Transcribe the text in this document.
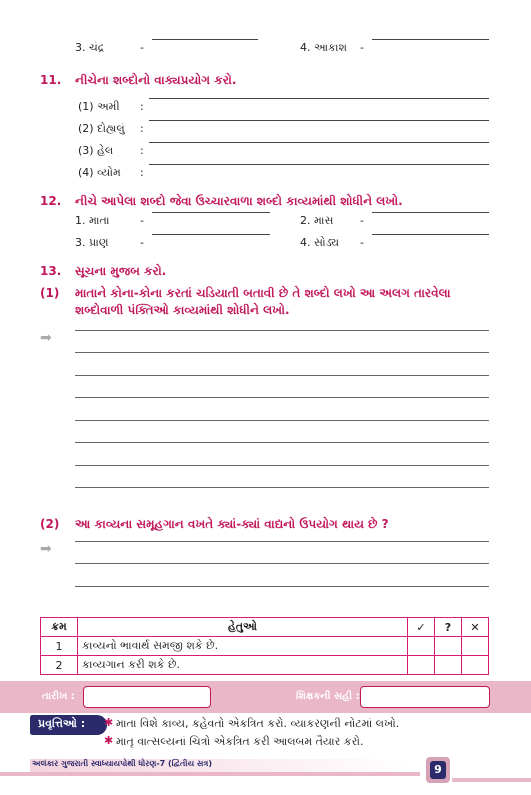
3. ચંદ્ર	-	4. આકાશ -
11. નીચેના શબ્દોનો વાક્યપ્રયોગ કરો.
(1) અમી :
(2) દોહ્યલું :
(3) હેલ :
(4) વ્યોમ :
12. નીચે આપેલા શબ્દો જેવા ઉચ્ચારવાળા શબ્દો કાવ્યમાંથી શોધીને લખો.
1. માતા	-	2. માસ -
3. પ્રાણ	-	4. સોડ્ય -
13. સૂચના મુજબ કરો.
(1) માતાને કોના-કોના કરતાં ચડિયાતી બતાવી છે તે શબ્દો લખો આ અલગ તારવેલા
શબ્દોવાળી પંક્તિઓ કાવ્યમાંથી શોધીને લખો.
➡
(2) આ કાવ્યના સમૂહગાન વખતે ક્યાં-ક્યાં વાદ્યનો ઉપયોગ થાય છે ?
➡
ક્રમ	હેતુઓ	✓	?	✕
1	કાવ્યનો ભાવાર્થ સમજી શકે છે.			
2	કાવ્યગાન કરી શકે છે.			
તારીખ :	શિક્ષકની સહી :
પ્રવૃત્તિઓ : ✱ માતા વિશે કાવ્ય, કહેવતો એકત્રિત કરો. વ્યાકરણની નોટમાં લખો.
✱ માતૃ વાત્સલ્યનાં ચિત્રો એકત્રિત કરી આલબમ તૈયાર કરો.
અલંકાર ગુજરાતી સ્વાધ્યાયપોથી ધોરણ-7 (દ્વિતીય સત્ર)	9
